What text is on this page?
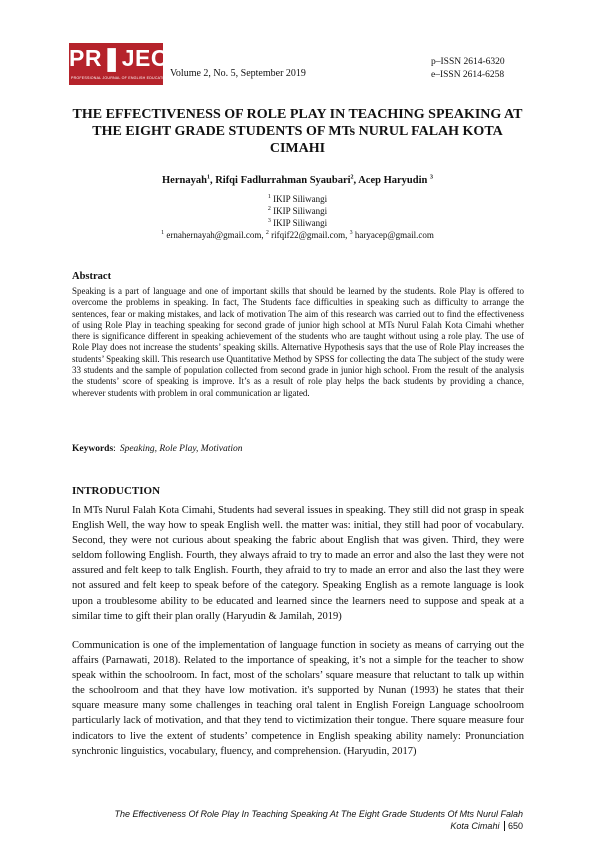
PR❚JECT
PROFESSIONAL JOURNAL OF ENGLISH EDUCATION Volume 2, No. 5, September 2019
p–ISSN 2614-6320
e–ISSN 2614-6258
THE EFFECTIVENESS OF ROLE PLAY IN TEACHING SPEAKING AT THE EIGHT GRADE STUDENTS OF MTs NURUL FALAH KOTA CIMAHI
Hernayah$^1$, Rifqi Fadlurrahman Syaubari$^2$, Acep Haryudin $^3$
$^1$ IKIP Siliwangi
$^2$ IKIP Siliwangi
$^3$ IKIP Siliwangi
$^1$ ernahernayah@gmail.com, $^2$ rifqif22@gmail.com, $^3$ haryacep@gmail.com
Abstract
Speaking is a part of language and one of important skills that should be learned by the students. Role Play is offered to overcome the problems in speaking. In fact, The Students face difficulties in speaking such as difficulty to arrange the sentences, fear or making mistakes, and lack of motivation The aim of this research was carried out to find the effectiveness of using Role Play in teaching speaking for second grade of junior high school at MTs Nurul Falah Kota Cimahi whether there is significance different in speaking achievement of the students who are taught without using a role play. The use of Role Play does not increase the students’ speaking skills. Alternative Hypothesis says that the use of Role Play increases the students’ Speaking skill. This research use Quantitative Method by SPSS for collecting the data The subject of the study were 33 students and the sample of population collected from second grade in junior high school. From the result of the analysis the students’ score of speaking is improve. It’s as a result of role play helps the back students by providing a chance, wherever students with problem in oral communication ar ligated.
Keywords: Speaking, Role Play, Motivation
INTRODUCTION
In MTs Nurul Falah Kota Cimahi, Students had several issues in speaking. They still did not grasp in speak English Well, the way how to speak English well. the matter was: initial, they still had poor of vocabulary. Second, they were not curious about speaking the fabric about English that was given. Third, they were seldom following English. Fourth, they always afraid to try to made an error and also the last they were not assured and felt keep to talk English. Fourth, they afraid to try to made an error and also the last they were not assured and felt keep to speak before of the category. Speaking English as a remote language is look upon a troublesome ability to be educated and learned since the learners need to suppose and speak at a similar time to gift their plan orally (Haryudin & Jamilah, 2019)
Communication is one of the implementation of language function in society as means of carrying out the affairs (Parnawati, 2018). Related to the importance of speaking, it’s not a simple for the teacher to show speak within the schoolroom. In fact, most of the scholars’ square measure that reluctant to talk up within the schoolroom and that they have low motivation. it's supported by Nunan (1993) he states that their square measure many some challenges in teaching oral talent in English Foreign Language schoolroom particularly lack of motivation, and that they tend to victimization their tongue. There square measure four indicators to live the extent of students’ competence in English speaking ability namely: Pronunciation synchronic linguistics, vocabulary, fluency, and comprehension. (Haryudin, 2017)
The Effectiveness Of Role Play In Teaching Speaking At The Eight Grade Students Of Mts Nurul Falah
Kota Cimahi 650
